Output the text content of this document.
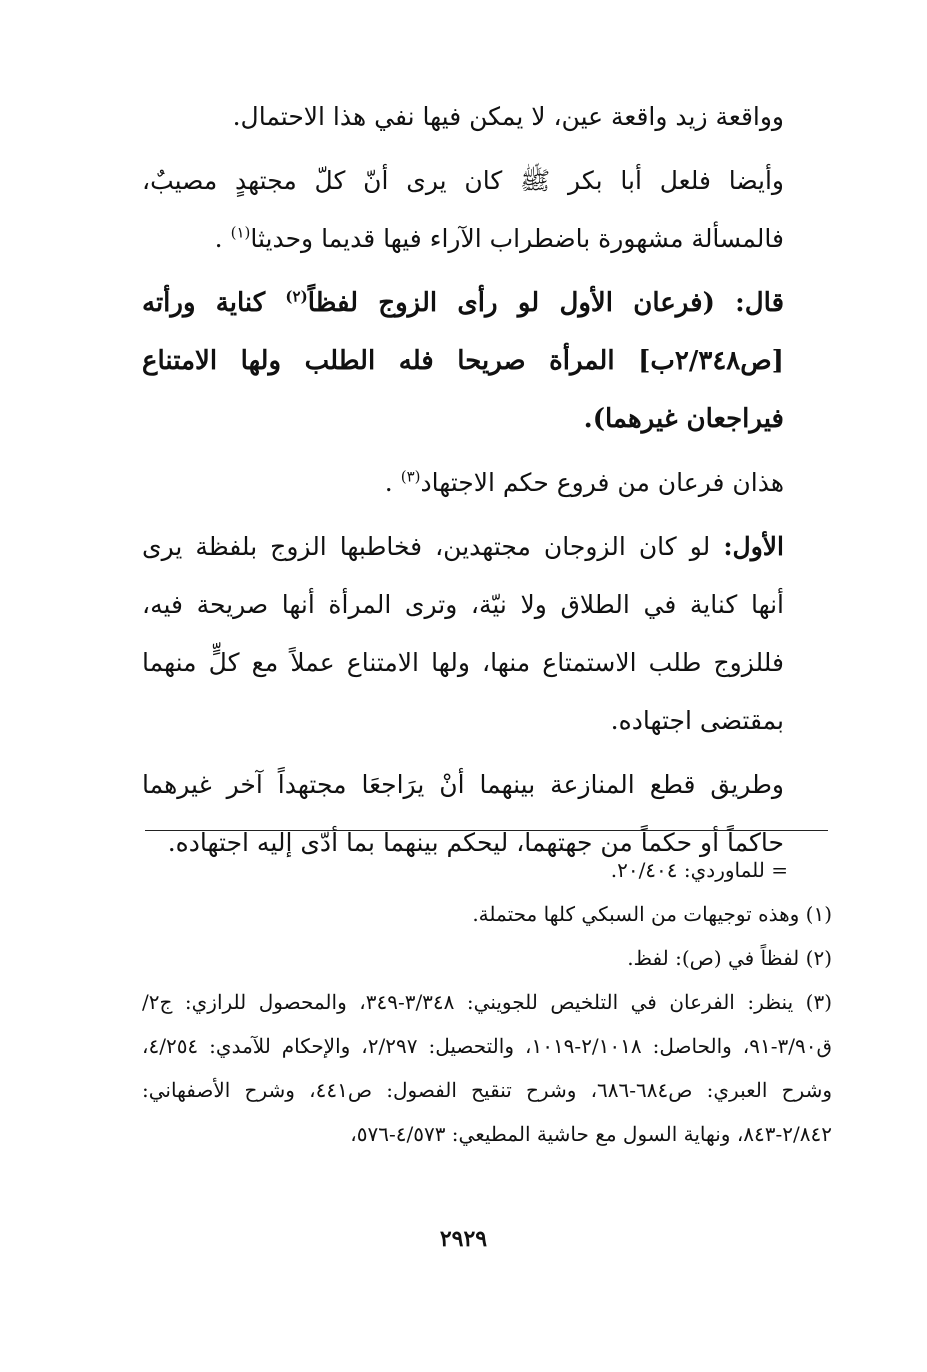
وواقعة زيد واقعة عين، لا يمكن فيها نفي هذا الاحتمال.

وأيضا فلعل أبا بكر ﷺ كان يرى أنّ كلّ مجتهدٍ مصيبٌ، فالمسألة مشهورة باضطراب الآراء فيها قديما وحديثا$^{(١)}$ .

قال: (فرعان الأول لو رأى الزوج لفظاً$^{(٢)}$ كناية ورأته [ص٢/٣٤٨ب] المرأة صريحا فله الطلب ولها الامتناع فيراجعان غيرهما).

هذان فرعان من فروع حكم الاجتهاد$^{(٣)}$ .

الأول: لو كان الزوجان مجتهدين، فخاطبها الزوج بلفظة يرى أنها كناية في الطلاق ولا نيّة، وترى المرأة أنها صريحة فيه، فللزوج طلب الاستمتاع منها، ولها الامتناع عملاً مع كلٍّ منهما بمقتضى اجتهاده.

وطريق قطع المنازعة بينهما أنْ يرَاجعَا مجتهداً آخر غيرهما حاكماً أو حكماً من جهتهما، ليحكم بينهما بما أدّى إليه اجتهاده.

= للماوردي: ٢٠/٤٠٤.

(١) وهذه توجيهات من السبكي كلها محتملة.

(٢) لفظاً في (ص): لفظ.

(٣) ينظر: الفرعان في التلخيص للجويني: ٣/٣٤٨-٣٤٩، والمحصول للرازي: ج٢/ق٣/٩٠-٩١، والحاصل: ٢/١٠١٨-١٠١٩، والتحصيل: ٢/٢٩٧، والإحكام للآمدي: ٤/٢٥٤، وشرح العبري: ص٦٨٤-٦٨٦، وشرح تنقيح الفصول: ص٤٤١، وشرح الأصفهاني: ٢/٨٤٢-٨٤٣، ونهاية السول مع حاشية المطيعي: ٤/٥٧٣-٥٧٦،

٢٩٢٩
